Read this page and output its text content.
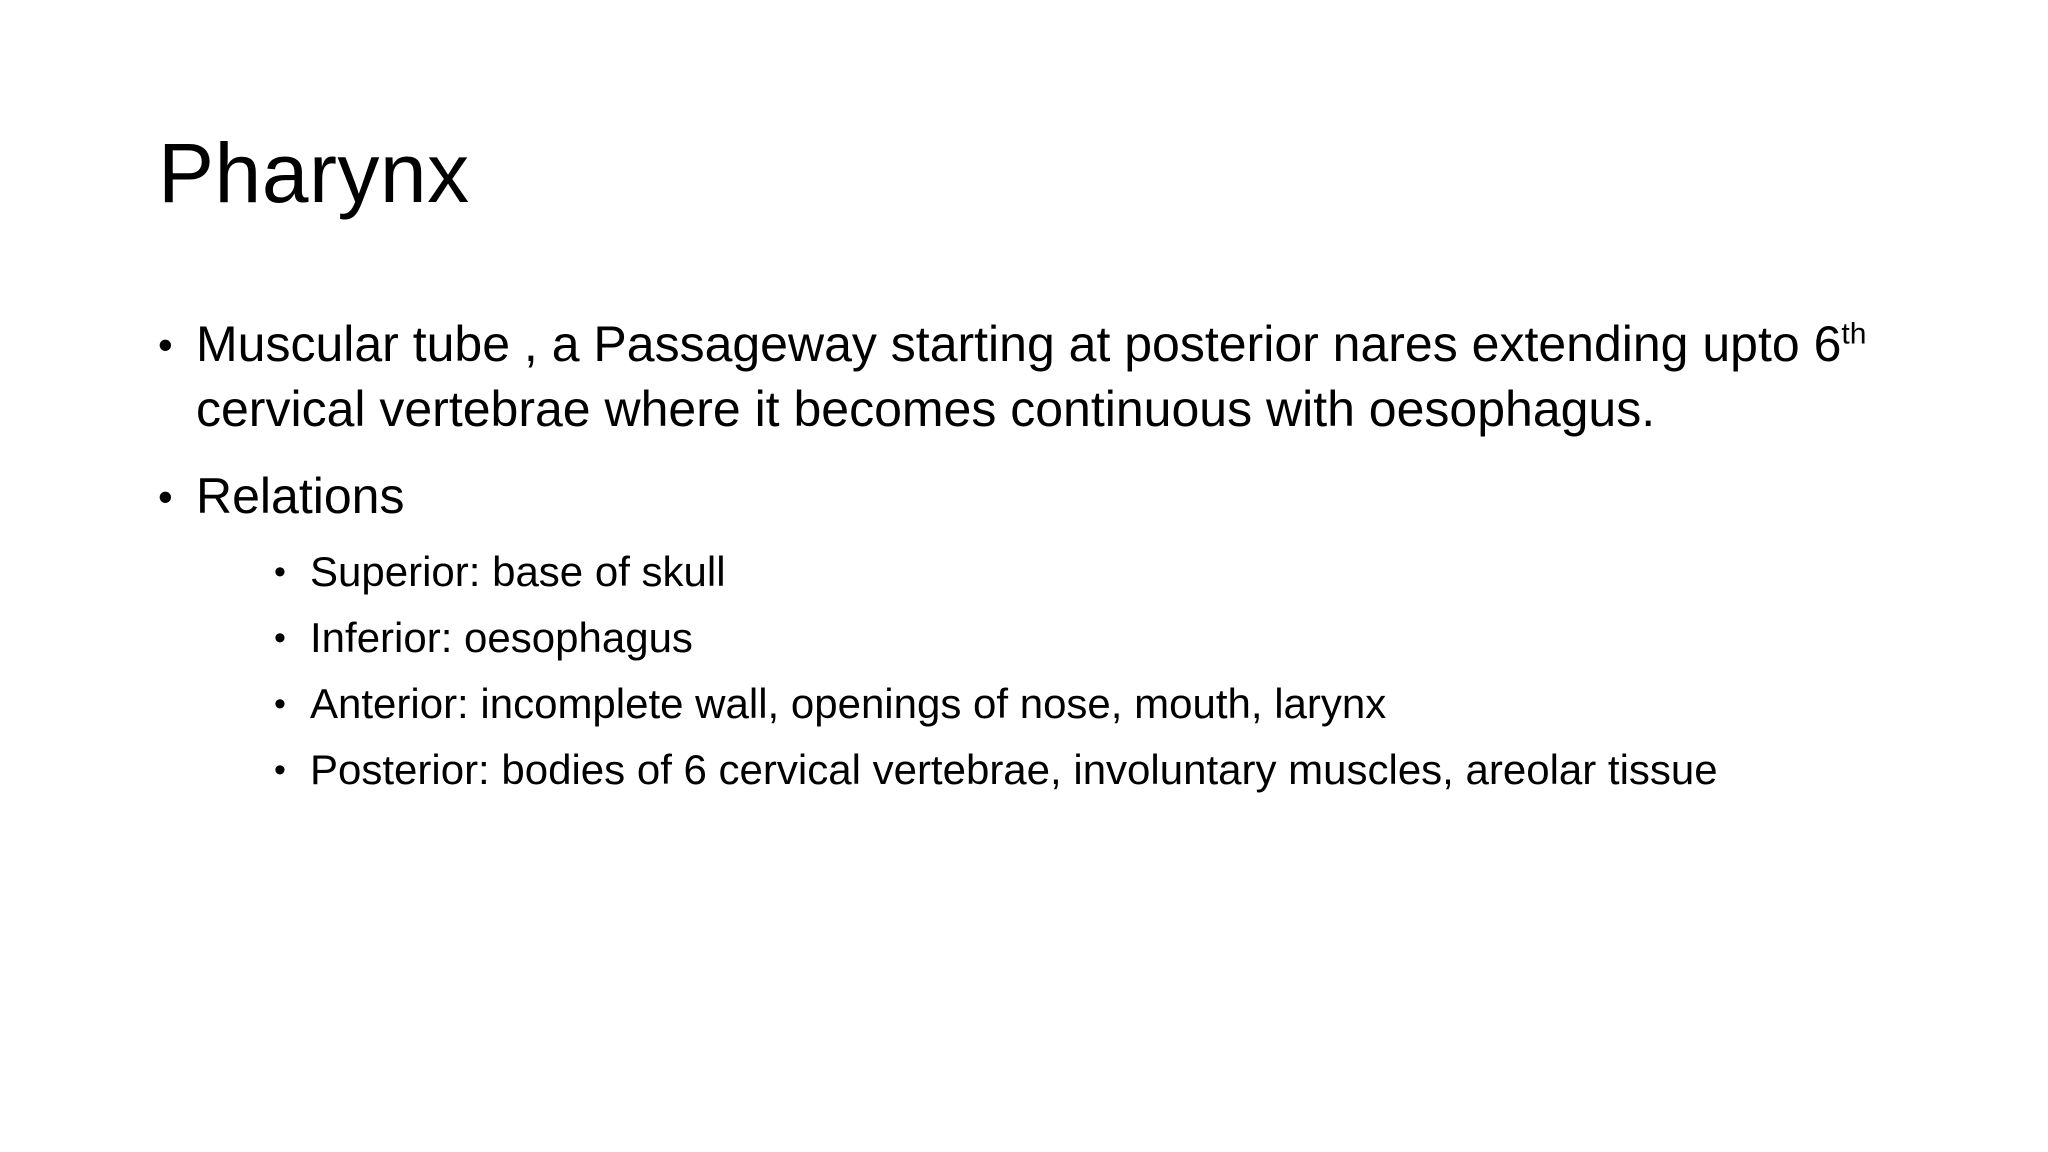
Pharynx
• Muscular tube , a Passageway starting at posterior nares extending upto 6th cervical vertebrae where it becomes continuous with oesophagus.
• Relations
• Superior: base of skull
• Inferior: oesophagus
• Anterior: incomplete wall, openings of nose, mouth, larynx
• Posterior: bodies of 6 cervical vertebrae, involuntary muscles, areolar tissue
